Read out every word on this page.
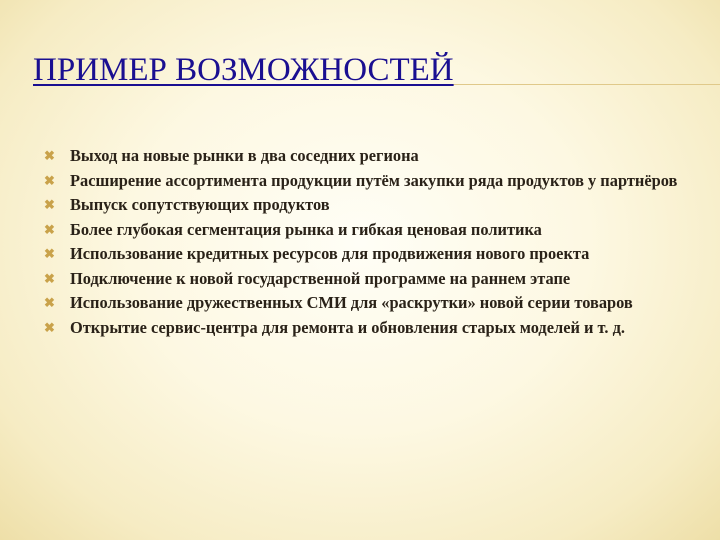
ПРИМЕР ВОЗМОЖНОСТЕЙ
✖ Выход на новые рынки в два соседних региона
✖ Расширение ассортимента продукции путём закупки ряда продуктов у партнёров
✖ Выпуск сопутствующих продуктов
✖ Более глубокая сегментация рынка и гибкая ценовая политика
✖ Использование кредитных ресурсов для продвижения нового проекта
✖ Подключение к новой государственной программе на раннем этапе
✖ Использование дружественных СМИ для «раскрутки» новой серии товаров
✖ Открытие сервис-центра для ремонта и обновления старых моделей и т. д.
